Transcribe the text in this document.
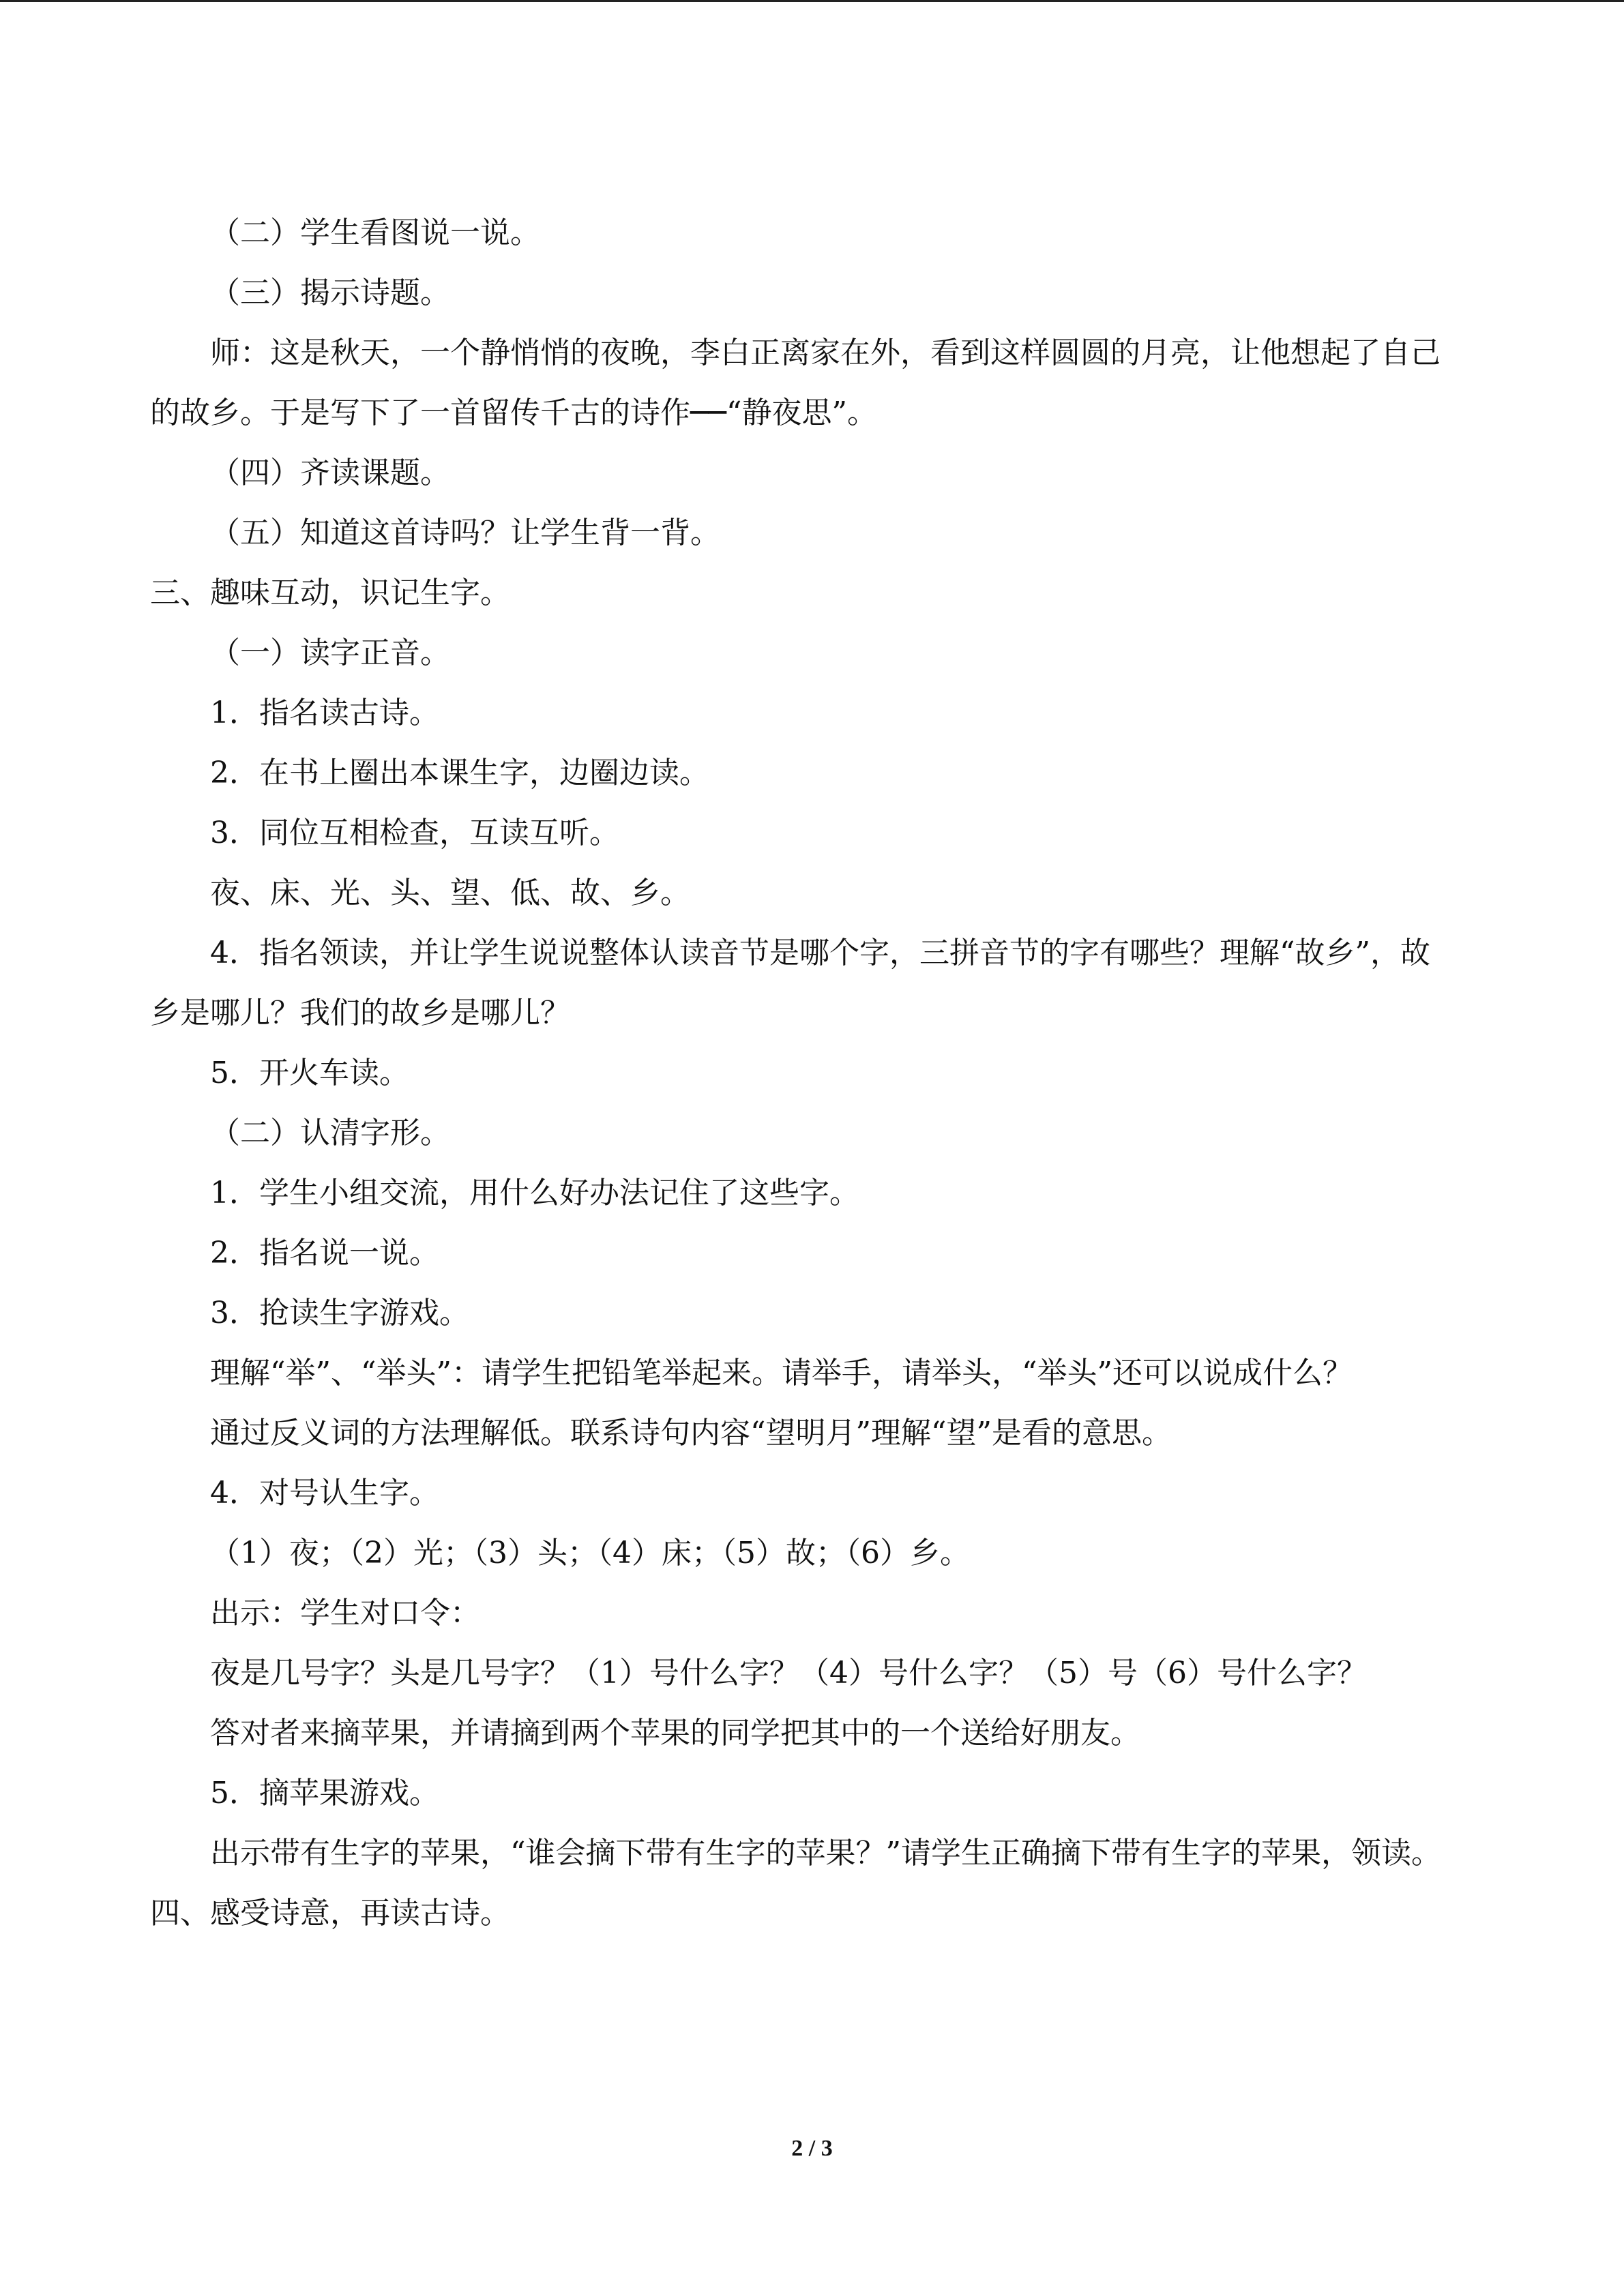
（二）学生看图说一说。

（三）揭示诗题。

师：这是秋天，一个静悄悄的夜晚，李白正离家在外，看到这样圆圆的月亮，让他想起了自己的故乡。于是写下了一首留传千古的诗作──“静夜思”。

（四）齐读课题。

（五）知道这首诗吗？让学生背一背。

三、趣味互动，识记生字。

（一）读字正音。

1．指名读古诗。

2．在书上圈出本课生字，边圈边读。

3．同位互相检查，互读互听。

夜、床、光、头、望、低、故、乡。

4．指名领读，并让学生说说整体认读音节是哪个字，三拼音节的字有哪些？理解“故乡”，故乡是哪儿？我们的故乡是哪儿？

5．开火车读。

（二）认清字形。

1．学生小组交流，用什么好办法记住了这些字。

2．指名说一说。

3．抢读生字游戏。

理解“举”、“举头”：请学生把铅笔举起来。请举手，请举头，“举头”还可以说成什么？

通过反义词的方法理解低。联系诗句内容“望明月”理解“望”是看的意思。

4．对号认生字。

（1）夜；（2）光；（3）头；（4）床；（5）故；（6）乡。

出示：学生对口令：

夜是几号字？头是几号字？（1）号什么字？（4）号什么字？（5）号（6）号什么字？

答对者来摘苹果，并请摘到两个苹果的同学把其中的一个送给好朋友。

5．摘苹果游戏。

出示带有生字的苹果，“谁会摘下带有生字的苹果？”请学生正确摘下带有生字的苹果，领读。

四、感受诗意，再读古诗。

2 / 3
